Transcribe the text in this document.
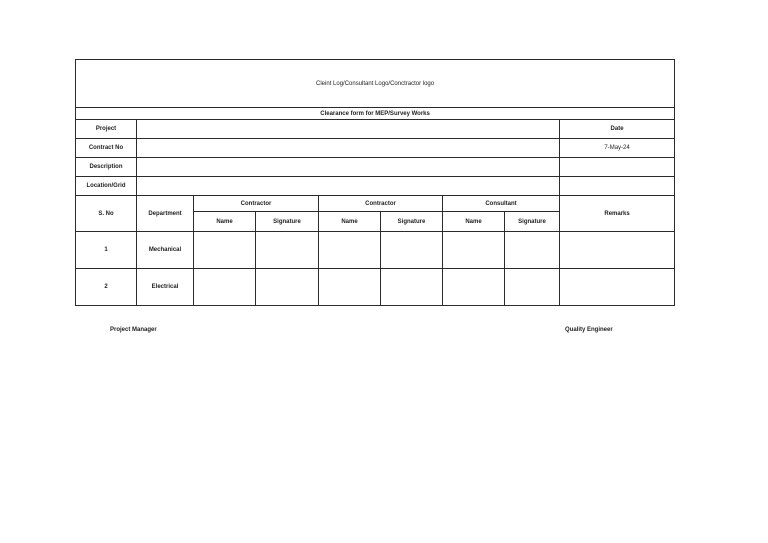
Cleint Log/Consultant Logo/Conctractor logo								
Clearance form for MEP/Survey Works								
Project								Date
Contract No								7-May-24
Description								
Location/Grid								
S. No	Department	Contractor		Contractor		Consultant		Remarks
		Name	Signature	Name	Signature	Name	Signature	
1	Mechanical							
2	Electrical							
Project Manager	Quality Engineer
